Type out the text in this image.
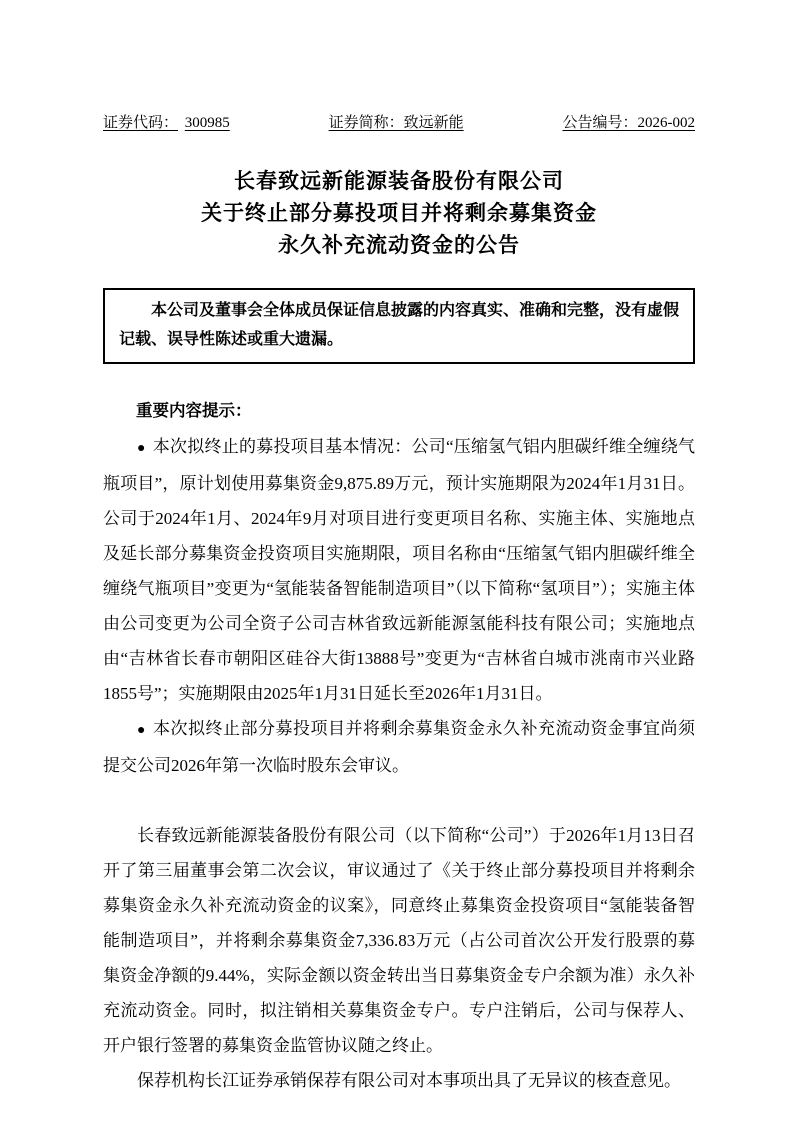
证券代码： 300985	证券简称：致远新能	公告编号：2026-002
长春致远新能源装备股份有限公司
关于终止部分募投项目并将剩余募集资金
永久补充流动资金的公告
本公司及董事会全体成员保证信息披露的内容真实、准确和完整，没有虚假记载、误导性陈述或重大遗漏。
重要内容提示：

● 本次拟终止的募投项目基本情况：公司“压缩氢气铝内胆碳纤维全缠绕气瓶项目”，原计划使用募集资金9,875.89万元，预计实施期限为2024年1月31日。公司于2024年1月、2024年9月对项目进行变更项目名称、实施主体、实施地点及延长部分募集资金投资项目实施期限，项目名称由“压缩氢气铝内胆碳纤维全缠绕气瓶项目”变更为“氢能装备智能制造项目”（以下简称“氢项目”）；实施主体由公司变更为公司全资子公司吉林省致远新能源氢能科技有限公司；实施地点由“吉林省长春市朝阳区硅谷大街13888号”变更为“吉林省白城市洮南市兴业路1855号”；实施期限由2025年1月31日延长至2026年1月31日。

● 本次拟终止部分募投项目并将剩余募集资金永久补充流动资金事宜尚须提交公司2026年第一次临时股东会审议。

长春致远新能源装备股份有限公司（以下简称“公司”）于2026年1月13日召开了第三届董事会第二次会议，审议通过了《关于终止部分募投项目并将剩余募集资金永久补充流动资金的议案》，同意终止募集资金投资项目“氢能装备智能制造项目”，并将剩余募集资金7,336.83万元（占公司首次公开发行股票的募集资金净额的9.44%，实际金额以资金转出当日募集资金专户余额为准）永久补充流动资金。同时，拟注销相关募集资金专户。专户注销后，公司与保荐人、开户银行签署的募集资金监管协议随之终止。

保荐机构长江证券承销保荐有限公司对本事项出具了无异议的核查意见。
